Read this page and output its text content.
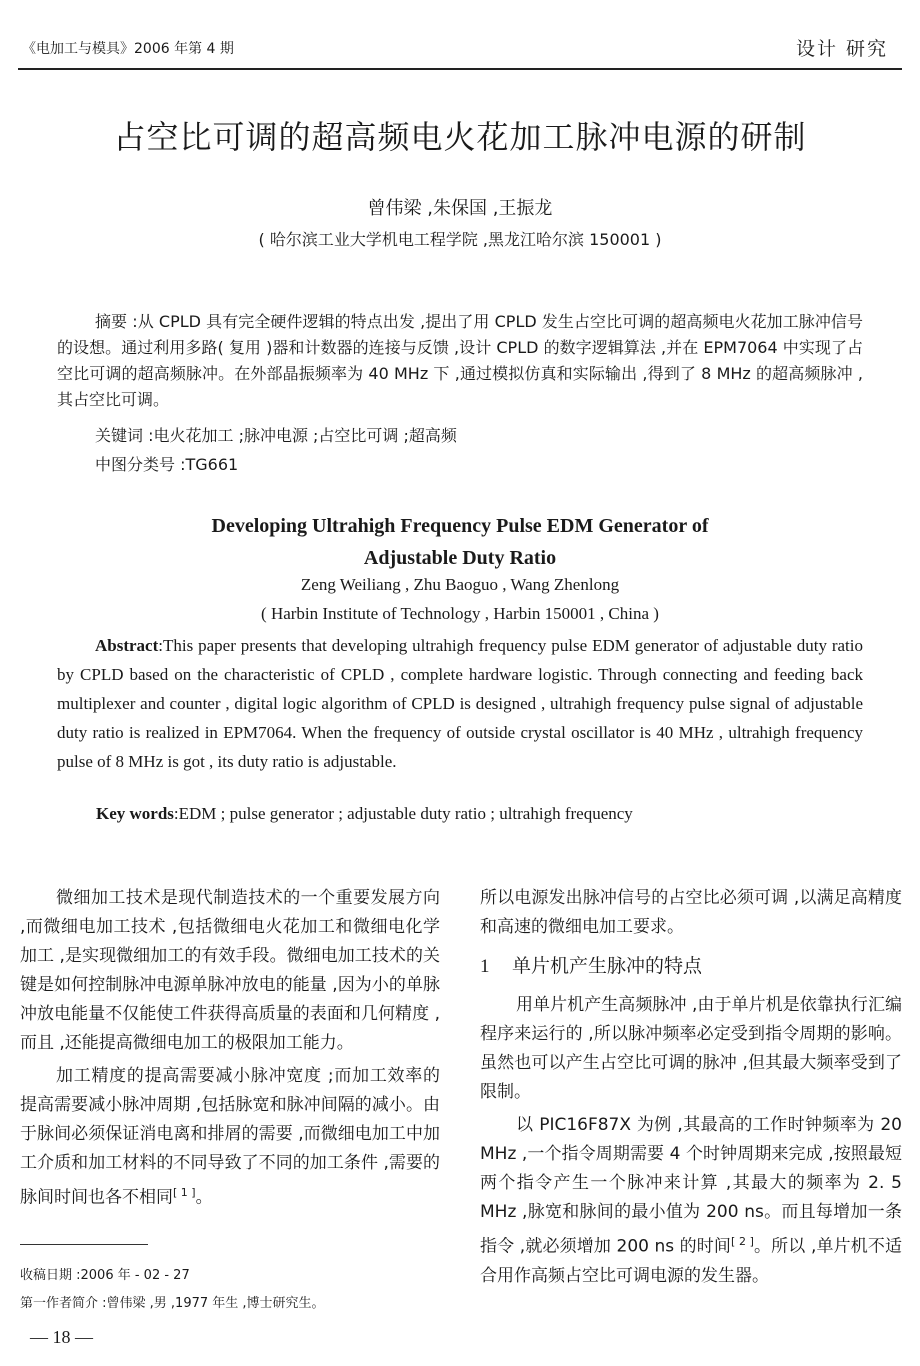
《电加工与模具》2006 年第 4 期	设计 研究
占空比可调的超高频电火花加工脉冲电源的研制
曾伟梁 ,朱保国 ,王振龙
( 哈尔滨工业大学机电工程学院 ,黑龙江哈尔滨 150001 )
摘要 :从 CPLD 具有完全硬件逻辑的特点出发 ,提出了用 CPLD 发生占空比可调的超高频电火花加工脉冲信号的设想。通过利用多路( 复用 )器和计数器的连接与反馈 ,设计 CPLD 的数字逻辑算法 ,并在 EPM7064 中实现了占空比可调的超高频脉冲。在外部晶振频率为 40 MHz 下 ,通过模拟仿真和实际输出 ,得到了 8 MHz 的超高频脉冲 ,其占空比可调。
关键词 :电火花加工 ;脉冲电源 ;占空比可调 ;超高频
中图分类号 :TG661
Developing Ultrahigh Frequency Pulse EDM Generator of
Adjustable Duty Ratio
Zeng Weiliang , Zhu Baoguo , Wang Zhenlong
( Harbin Institute of Technology , Harbin 150001 , China )
Abstract:This paper presents that developing ultrahigh frequency pulse EDM generator of adjustable duty ratio by CPLD based on the characteristic of CPLD , complete hardware logistic. Through connecting and feeding back multiplexer and counter , digital logic algorithm of CPLD is designed , ultrahigh frequency pulse signal of adjustable duty ratio is realized in EPM7064. When the frequency of outside crystal oscillator is 40 MHz , ultrahigh frequency pulse of 8 MHz is got , its duty ratio is adjustable.
Key words:EDM ; pulse generator ; adjustable duty ratio ; ultrahigh frequency

微细加工技术是现代制造技术的一个重要发展方向 ,而微细电加工技术 ,包括微细电火花加工和微细电化学加工 ,是实现微细加工的有效手段。微细电加工技术的关键是如何控制脉冲电源单脉冲放电的能量 ,因为小的单脉冲放电能量不仅能使工件获得高质量的表面和几何精度 ,而且 ,还能提高微细电加工的极限加工能力。

加工精度的提高需要减小脉冲宽度 ;而加工效率的提高需要减小脉冲周期 ,包括脉宽和脉冲间隔的减小。由于脉间必须保证消电离和排屑的需要 ,而微细电加工中加工介质和加工材料的不同导致了不同的加工条件 ,需要的脉间时间也各不相同[ 1 ]。

所以电源发出脉冲信号的占空比必须可调 ,以满足高精度和高速的微细电加工要求。

1 单片机产生脉冲的特点

用单片机产生高频脉冲 ,由于单片机是依靠执行汇编程序来运行的 ,所以脉冲频率必定受到指令周期的影响。虽然也可以产生占空比可调的脉冲 ,但其最大频率受到了限制。

以 PIC16F87X 为例 ,其最高的工作时钟频率为 20 MHz ,一个指令周期需要 4 个时钟周期来完成 ,按照最短两个指令产生一个脉冲来计算 ,其最大的频率为 2. 5 MHz ,脉宽和脉间的最小值为 200 ns。而且每增加一条指令 ,就必须增加 200 ns 的时间[ 2 ]。所以 ,单片机不适合用作高频占空比可调电源的发生器。

收稿日期 :2006 年 - 02 - 27
第一作者简介 :曾伟梁 ,男 ,1977 年生 ,博士研究生。
— 18 —
